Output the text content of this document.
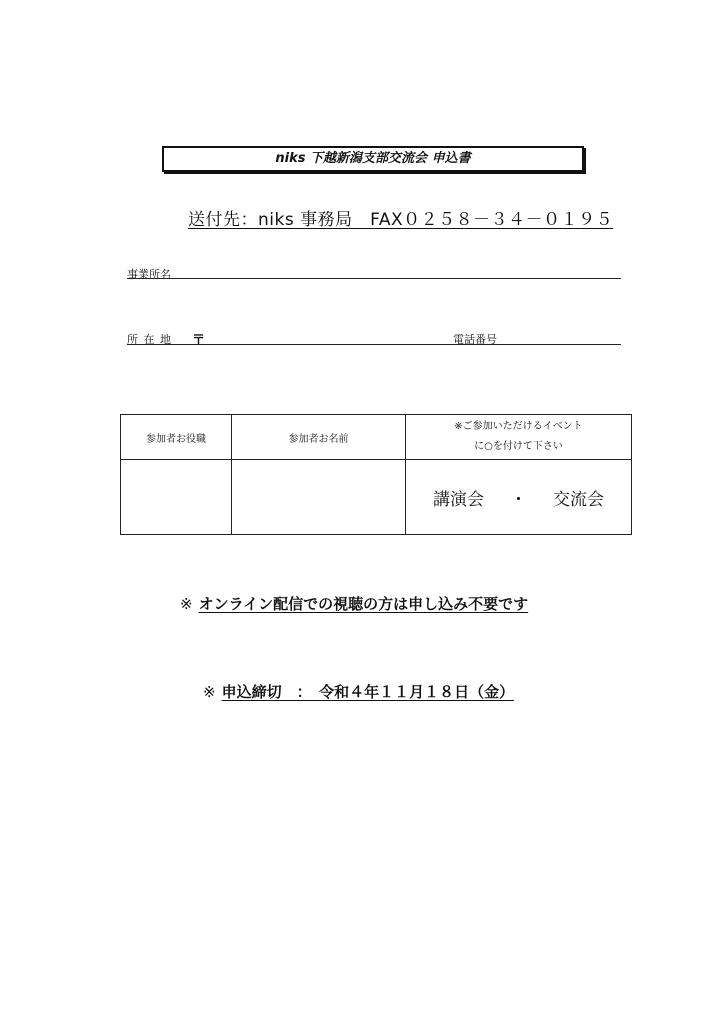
niks 下越新潟支部交流会 申込書
送付先：niks 事務局　FAX０２５８－３４－０１９５
事業所名
所 在 地 〒	電話番号
参加者お役職	参加者お名前	※ご参加いただけるイベント
に○を付けて下さい

		講演会 ・ 交流会
※ オンライン配信での視聴の方は申し込み不要です
※ 申込締切　：　令和４年１１月１８日（金）
